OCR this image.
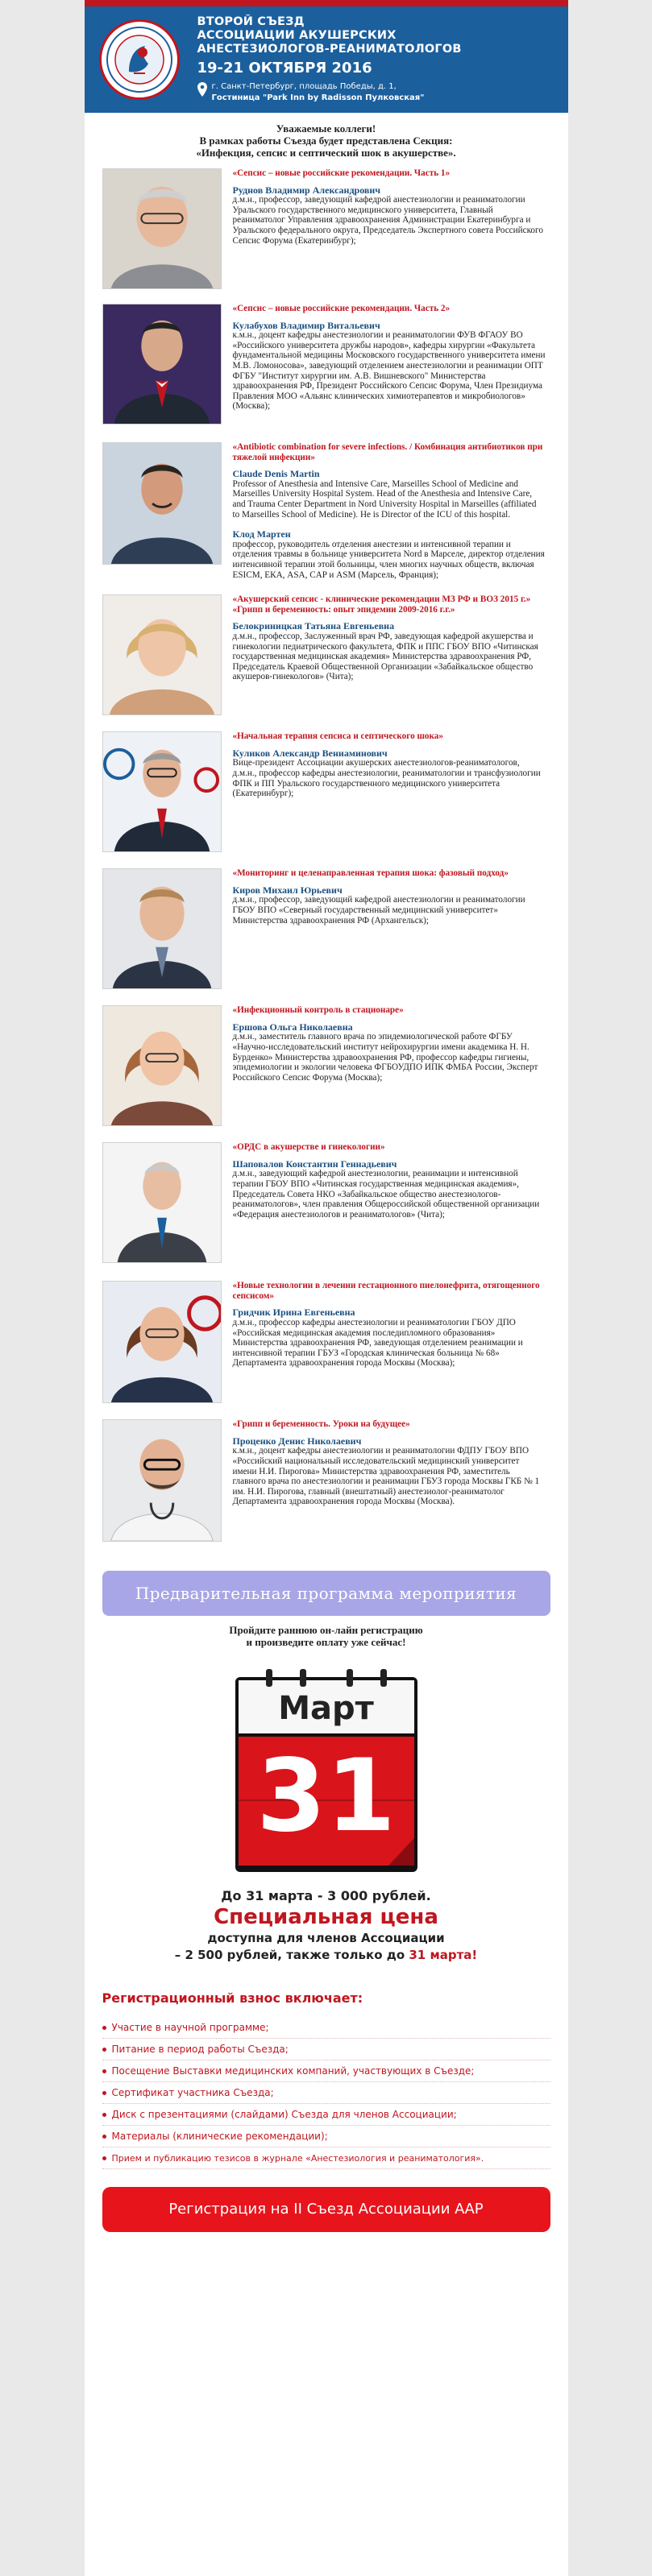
ВТОРОЙ СЪЕЗД
АССОЦИАЦИИ АКУШЕРСКИХ
АНЕСТЕЗИОЛОГОВ-РЕАНИМАТОЛОГОВ
19-21 ОКТЯБРЯ 2016
г. Санкт-Петербург, площадь Победы, д. 1,
Гостиница "Park Inn by Radisson Пулковская"
Уважаемые коллеги!
В рамках работы Съезда будет представлена Секция:
«Инфекция, сепсис и септический шок в акушерстве».
«Сепсис – новые российские рекомендации. Часть 1»
Руднов Владимир Александрович
д.м.н., профессор, заведующий кафедрой анестезиологии и реаниматологии Уральского государственного медицинского университета, Главный реаниматолог Управления здравоохранения Администрации Екатеринбурга и Уральского федерального округа, Председатель Экспертного совета Российского Сепсис Форума (Екатеринбург);
«Сепсис – новые российские рекомендации. Часть 2»
Кулабухов Владимир Витальевич
к.м.н., доцент кафедры анестезиологии и реаниматологии ФУВ ФГАОУ ВО «Российского университета дружбы народов», кафедры хирургии «Факультета фундаментальной медицины Московского государственного университета имени М.В. Ломоносова», заведующий отделением анестезиологии и реанимации ОПТ ФГБУ "Институт хирургии им. А.В. Вишневского" Министерства здравоохранения РФ, Президент Российского Сепсис Форума, Член Президиума Правления МОО «Альянс клинических химиотерапевтов и микробиологов» (Москва);
«Antibiotic combination for severe infections. / Комбинация антибиотиков при тяжелой инфекции»
Claude Denis Martin
Professor of Anesthesia and Intensive Care, Marseilles School of Medicine and Marseilles University Hospital System. Head of the Anesthesia and Intensive Care, and Trauma Center Department in Nord University Hospital in Marseilles (affiliated to Marseilles School of Medicine). He is Director of the ICU of this hospital.
Клод Мартен
профессор, руководитель отделения анестезии и интенсивной терапии и отделения травмы в больнице университета Nord в Марселе, директор отделения интенсивной терапии этой больницы, член многих научных обществ, включая ESICM, ЕКА, ASA, CAP и ASM (Марсель, Франция);
«Акушерский сепсис - клинические рекомендации МЗ РФ и ВОЗ 2015 г.» «Грипп и беременность: опыт эпидемии 2009-2016 г.г.»
Белокриницкая Татьяна Евгеньевна
д.м.н., профессор, Заслуженный врач РФ, заведующая кафедрой акушерства и гинекологии педиатрического факультета, ФПК и ППС ГБОУ ВПО «Читинская государственная медицинская академия» Министерства здравоохранения РФ, Председатель Краевой Общественной Организации «Забайкальское общество акушеров-гинекологов» (Чита);
«Начальная терапия сепсиса и септического шока»
Куликов Александр Вениаминович
Вице-президент Ассоциации акушерских анестезиологов-реаниматологов, д.м.н., профессор кафедры анестезиологии, реаниматологии и трансфузиологии ФПК и ПП Уральского государственного медицинского университета (Екатеринбург);
«Мониторинг и целенаправленная терапия шока: фазовый подход»
Киров Михаил Юрьевич
д.м.н., профессор, заведующий кафедрой анестезиологии и реаниматологии ГБОУ ВПО «Северный государственный медицинский университет» Министерства здравоохранения РФ (Архангельск);
«Инфекционный контроль в стационаре»
Ершова Ольга Николаевна
д.м.н., заместитель главного врача по эпидемиологической работе ФГБУ «Научно-исследовательский институт нейрохирургии имени академика Н. Н. Бурденко» Министерства здравоохранения РФ, профессор кафедры гигиены, эпидемиологии и экологии человека ФГБОУДПО ИПК ФМБА России, Эксперт Российского Сепсис Форума (Москва);
«ОРДС в акушерстве и гинекологии»
Шаповалов Константин Геннадьевич
д.м.н., заведующий кафедрой анестезиологии, реанимации и интенсивной терапии ГБОУ ВПО «Читинская государственная медицинская академия», Председатель Совета НКО «Забайкальское общество анестезиологов-реаниматологов», член правления Общероссийской общественной организации «Федерация анестезиологов и реаниматологов» (Чита);
«Новые технологии в лечении гестационного пиелонефрита, отягощенного сепсисом»
Гридчик Ирина Евгеньевна
д.м.н., профессор кафедры анестезиологии и реаниматологии ГБОУ ДПО «Российская медицинская академия последипломного образования» Министерства здравоохранения РФ, заведующая отделением реанимации и интенсивной терапии ГБУЗ «Городская клиническая больница № 68» Департамента здравоохранения города Москвы (Москва);
«Грипп и беременность. Уроки на будущее»
Проценко Денис Николаевич
к.м.н., доцент кафедры анестезиологии и реаниматологии ФДПУ ГБОУ ВПО «Российский национальный исследовательский медицинский университет имени Н.И. Пирогова» Министерства здравоохранения РФ, заместитель главного врача по анестезиологии и реанимации ГБУЗ города Москвы ГКБ № 1 им. Н.И. Пирогова, главный (внештатный) анестезиолог-реаниматолог Департамента здравоохранения города Москвы (Москва).
Предварительная программа мероприятия
Пройдите раннюю он-лайн регистрацию
и произведите оплату уже сейчас!
Март
31
До 31 марта - 3 000 рублей.
Специальная цена
доступна для членов Ассоциации
– 2 500 рублей, также только до 31 марта!
Регистрационный взнос включает:
Участие в научной программе;
Питание в период работы Съезда;
Посещение Выставки медицинских компаний, участвующих в Съезде;
Сертификат участника Съезда;
Диск с презентациями (слайдами) Съезда для членов Ассоциации;
Материалы (клинические рекомендации);
Прием и публикацию тезисов в журнале «Анестезиология и реаниматология».
Регистрация на II Съезд Ассоциации ААР
